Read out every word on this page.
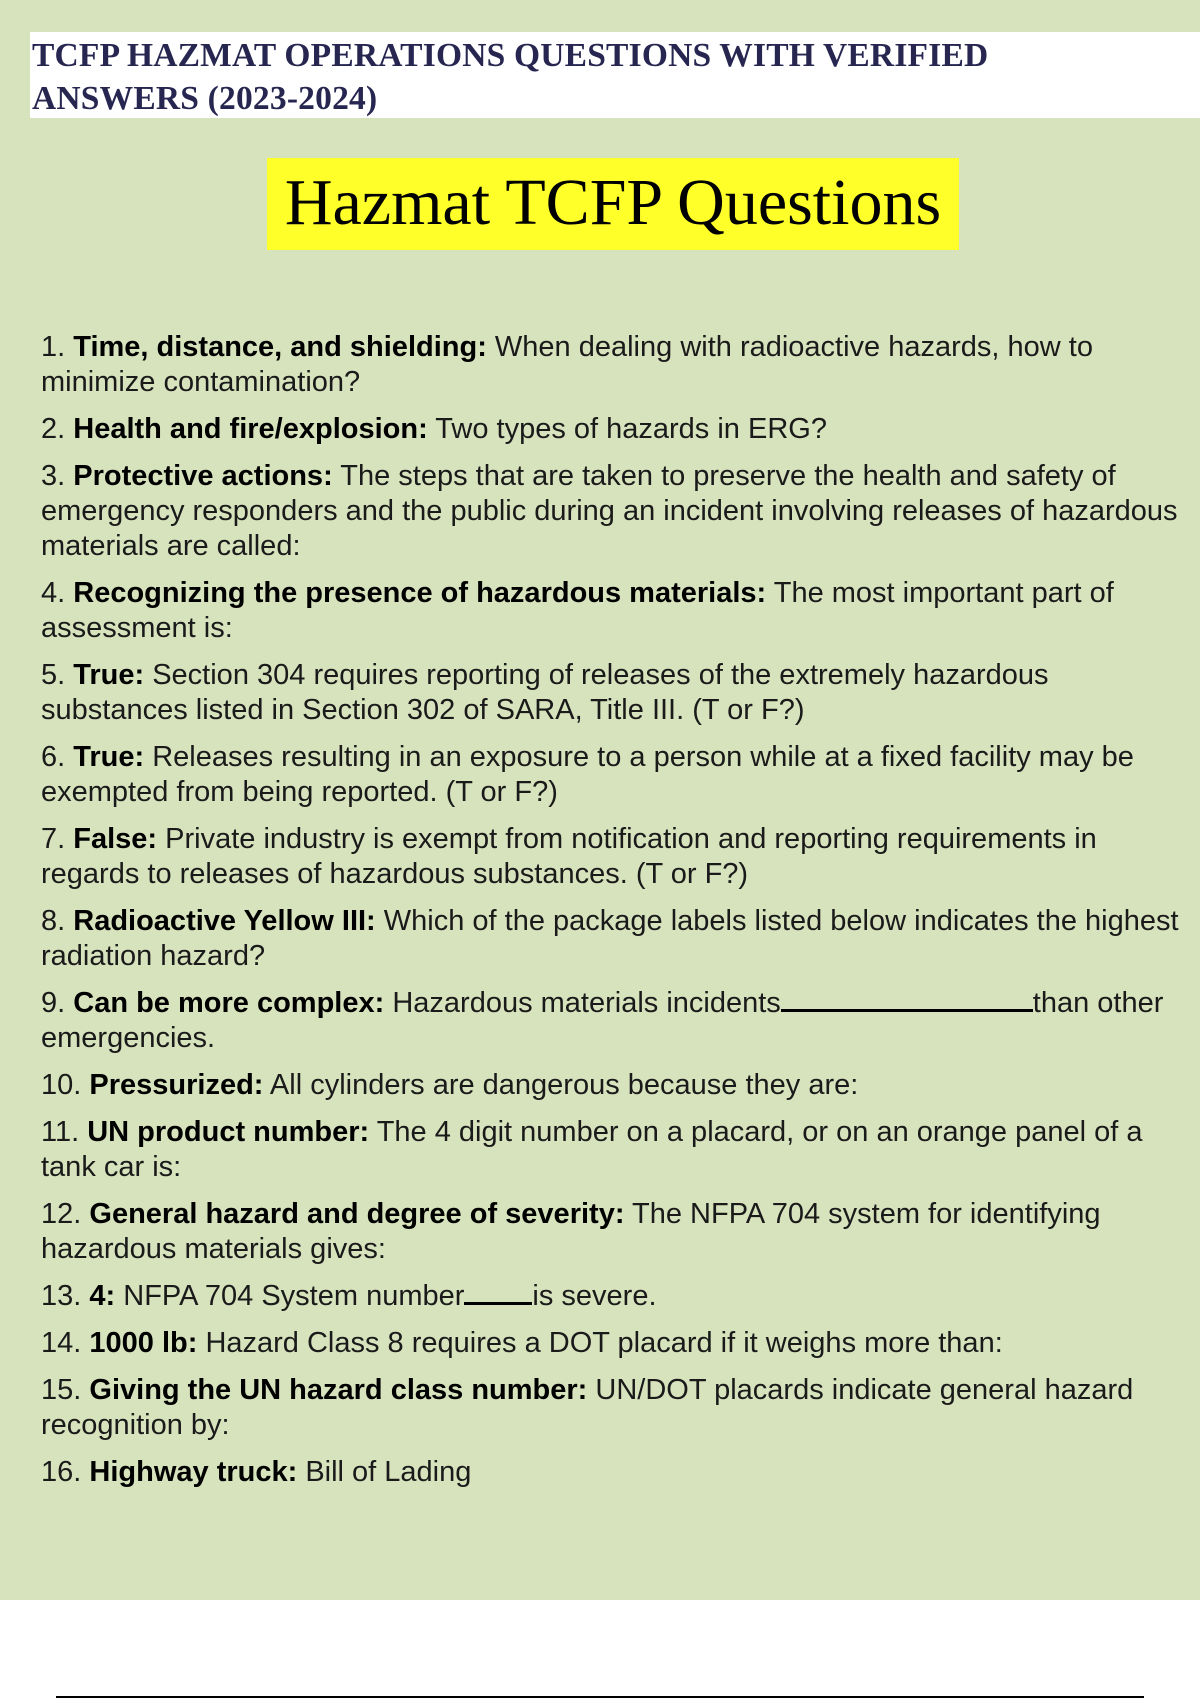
TCFP HAZMAT OPERATIONS QUESTIONS WITH VERIFIED
ANSWERS (2023-2024)
Hazmat TCFP Questions
1. Time, distance, and shielding: When dealing with radioactive hazards, how to minimize contamination?
2. Health and fire/explosion: Two types of hazards in ERG?
3. Protective actions: The steps that are taken to preserve the health and safety of emergency responders and the public during an incident involving releases of hazardous materials are called:
4. Recognizing the presence of hazardous materials: The most important part of assessment is:
5. True: Section 304 requires reporting of releases of the extremely hazardous substances listed in Section 302 of SARA, Title III. (T or F?)
6. True: Releases resulting in an exposure to a person while at a fixed facility may be exempted from being reported. (T or F?)
7. False: Private industry is exempt from notification and reporting requirements in regards to releases of hazardous substances. (T or F?)
8. Radioactive Yellow III: Which of the package labels listed below indicates the highest radiation hazard?
9. Can be more complex: Hazardous materials incidents	than other emergencies.
10. Pressurized: All cylinders are dangerous because they are:
11. UN product number: The 4 digit number on a placard, or on an orange panel of a tank car is:
12. General hazard and degree of severity: The NFPA 704 system for identifying hazardous materials gives:
13. 4: NFPA 704 System number is severe.
14. 1000 lb: Hazard Class 8 requires a DOT placard if it weighs more than:
15. Giving the UN hazard class number: UN/DOT placards indicate general hazard recognition by:
16. Highway truck: Bill of Lading
